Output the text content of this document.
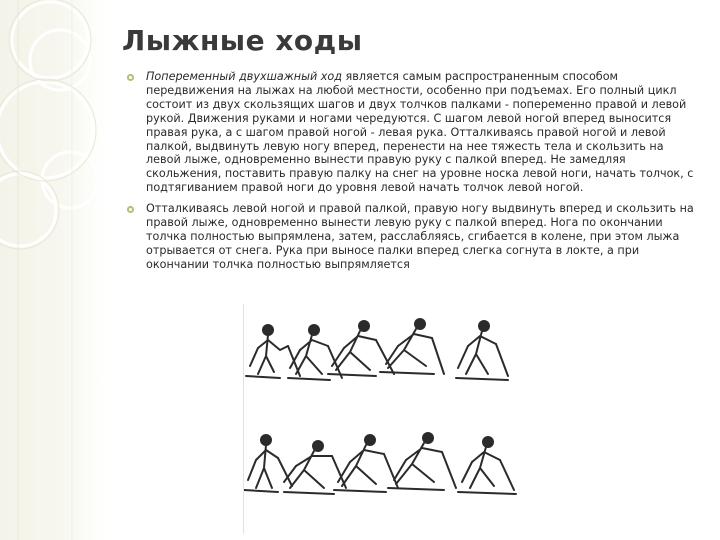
Лыжные ходы
Попеременный двухшажный ход является самым распространенным способом передвижения на лыжах на любой местности, особенно при подъемах. Его полный цикл состоит из двух скользящих шагов и двух толчков палками - попеременно правой и левой рукой. Движения руками и ногами чередуются. С шагом левой ногой вперед выносится правая рука, а с шагом правой ногой - левая рука. Отталкиваясь правой ногой и левой палкой, выдвинуть левую ногу вперед, перенести на нее тяжесть тела и скользить на левой лыже, одновременно вынести правую руку с палкой вперед. Не замедляя скольжения, поставить правую палку на снег на уровне носка левой ноги, начать толчок, с подтягиванием правой ноги до уровня левой начать толчок левой ногой.
Отталкиваясь левой ногой и правой палкой, правую ногу выдвинуть вперед и скользить на правой лыже, одновременно вынести левую руку с палкой вперед. Нога по окончании толчка полностью выпрямлена, затем, расслабляясь, сгибается в колене, при этом лыжа отрывается от снега. Рука при выносе палки вперед слегка согнута в локте, а при окончании толчка полностью выпрямляется
